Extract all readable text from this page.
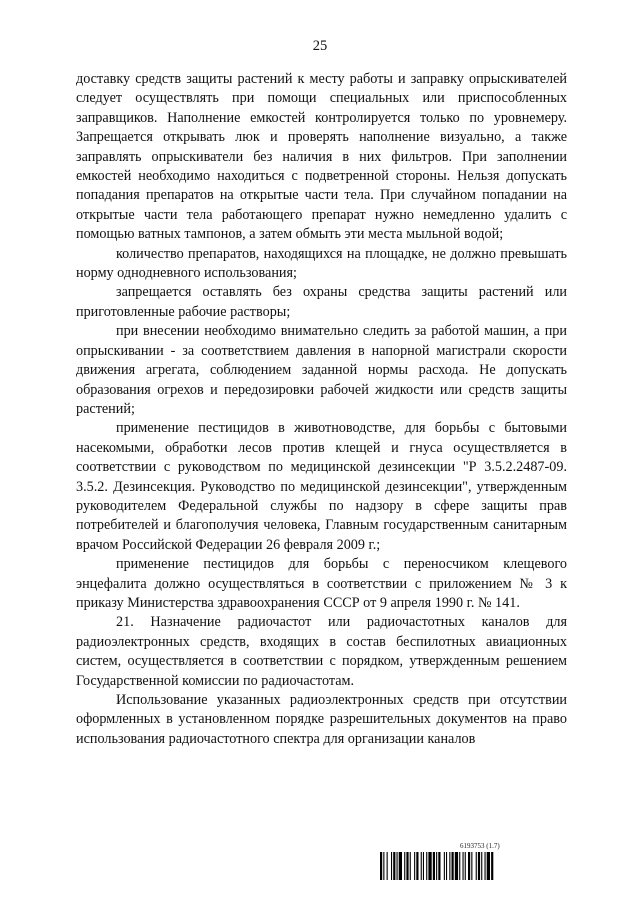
25

доставку средств защиты растений к месту работы и заправку опрыскивателей следует осуществлять при помощи специальных или приспособленных заправщиков. Наполнение емкостей контролируется только по уровнемеру. Запрещается открывать люк и проверять наполнение визуально, а также заправлять опрыскиватели без наличия в них фильтров. При заполнении емкостей необходимо находиться с подветренной стороны. Нельзя допускать попадания препаратов на открытые части тела. При случайном попадании на открытые части тела работающего препарат нужно немедленно удалить с помощью ватных тампонов, а затем обмыть эти места мыльной водой;

количество препаратов, находящихся на площадке, не должно превышать норму однодневного использования;

запрещается оставлять без охраны средства защиты растений или приготовленные рабочие растворы;

при внесении необходимо внимательно следить за работой машин, а при опрыскивании - за соответствием давления в напорной магистрали скорости движения агрегата, соблюдением заданной нормы расхода. Не допускать образования огрехов и передозировки рабочей жидкости или средств защиты растений;

применение пестицидов в животноводстве, для борьбы с бытовыми насекомыми, обработки лесов против клещей и гнуса осуществляется в соответствии с руководством по медицинской дезинсекции "Р 3.5.2.2487-09. 3.5.2. Дезинсекция. Руководство по медицинской дезинсекции", утвержденным руководителем Федеральной службы по надзору в сфере защиты прав потребителей и благополучия человека, Главным государственным санитарным врачом Российской Федерации 26 февраля 2009 г.;

применение пестицидов для борьбы с переносчиком клещевого энцефалита должно осуществляться в соответствии с приложением № 3 к приказу Министерства здравоохранения СССР от 9 апреля 1990 г. № 141.

21. Назначение радиочастот или радиочастотных каналов для радиоэлектронных средств, входящих в состав беспилотных авиационных систем, осуществляется в соответствии с порядком, утвержденным решением Государственной комиссии по радиочастотам.

Использование указанных радиоэлектронных средств при отсутствии оформленных в установленном порядке разрешительных документов на право использования радиочастотного спектра для организации каналов

6193753 (1.7)
